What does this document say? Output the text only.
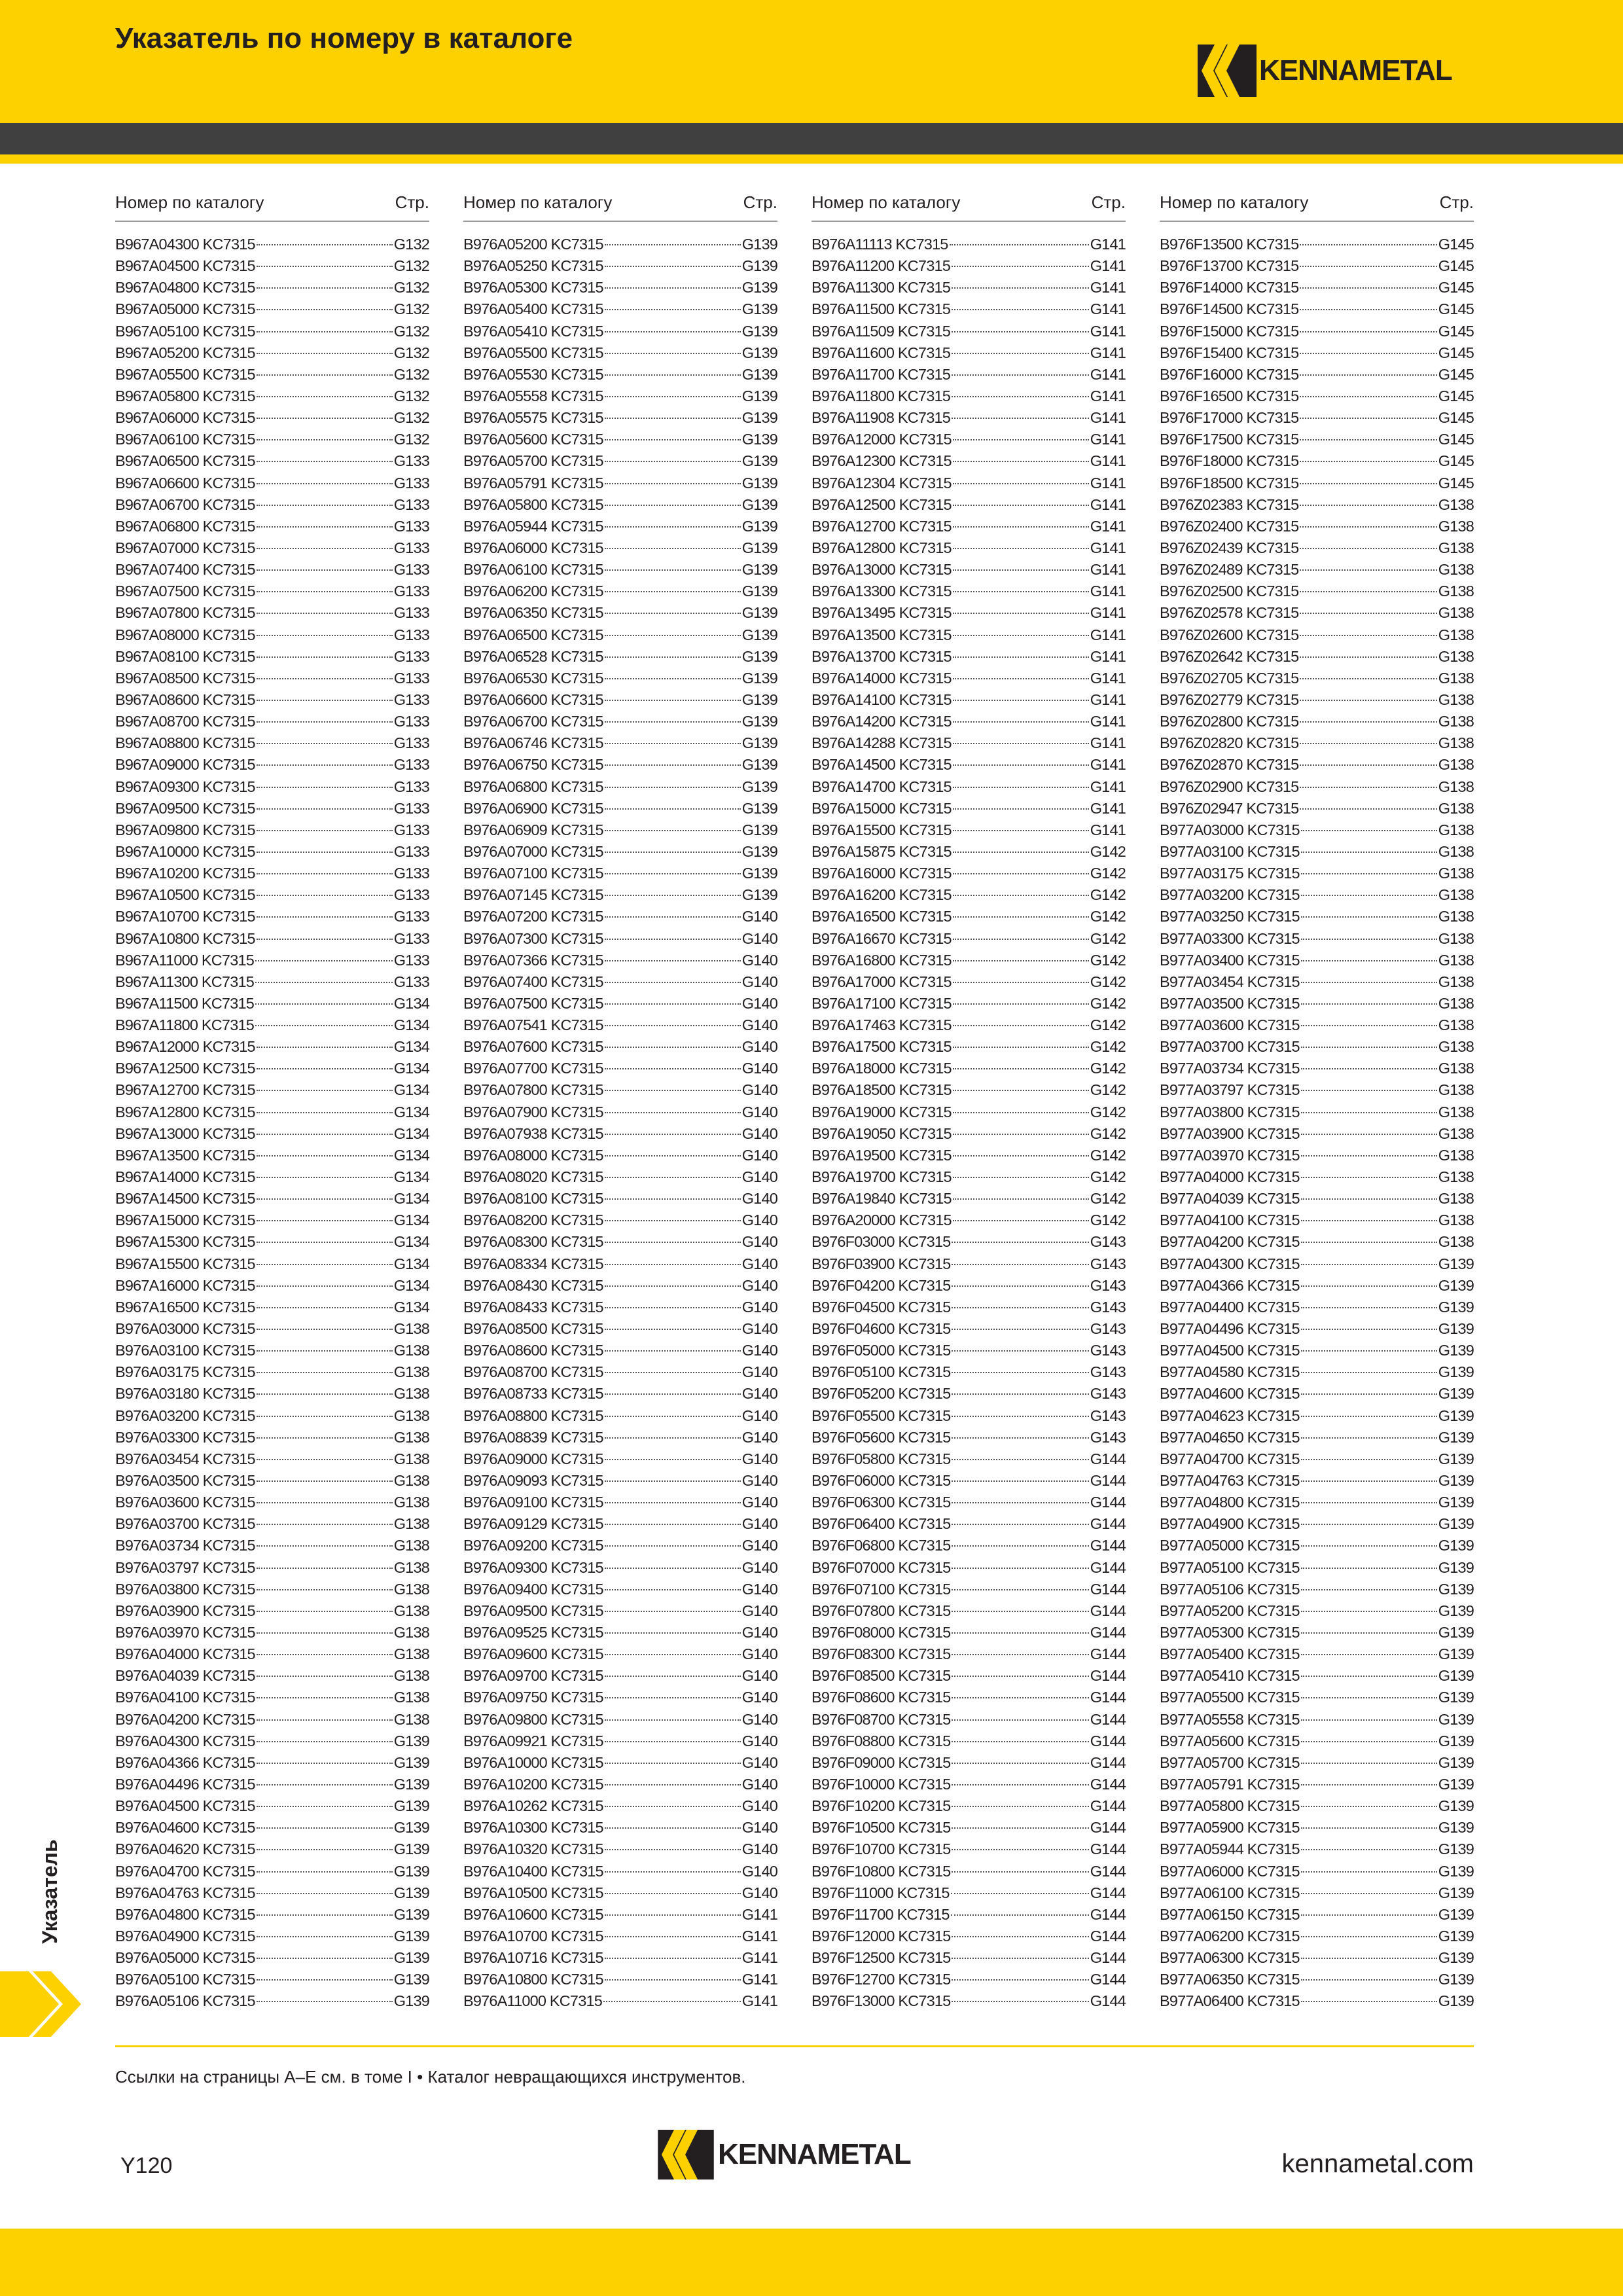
Указатель по номеру в каталоге
KENNAMETAL
Номер по каталогу	Стр.
B967A04300 KC7315	G132
B967A04500 KC7315	G132
B967A04800 KC7315	G132
B967A05000 KC7315	G132
B967A05100 KC7315	G132
B967A05200 KC7315	G132
B967A05500 KC7315	G132
B967A05800 KC7315	G132
B967A06000 KC7315	G132
B967A06100 KC7315	G132
B967A06500 KC7315	G133
B967A06600 KC7315	G133
B967A06700 KC7315	G133
B967A06800 KC7315	G133
B967A07000 KC7315	G133
B967A07400 KC7315	G133
B967A07500 KC7315	G133
B967A07800 KC7315	G133
B967A08000 KC7315	G133
B967A08100 KC7315	G133
B967A08500 KC7315	G133
B967A08600 KC7315	G133
B967A08700 KC7315	G133
B967A08800 KC7315	G133
B967A09000 KC7315	G133
B967A09300 KC7315	G133
B967A09500 KC7315	G133
B967A09800 KC7315	G133
B967A10000 KC7315	G133
B967A10200 KC7315	G133
B967A10500 KC7315	G133
B967A10700 KC7315	G133
B967A10800 KC7315	G133
B967A11000 KC7315	G133
B967A11300 KC7315	G133
B967A11500 KC7315	G134
B967A11800 KC7315	G134
B967A12000 KC7315	G134
B967A12500 KC7315	G134
B967A12700 KC7315	G134
B967A12800 KC7315	G134
B967A13000 KC7315	G134
B967A13500 KC7315	G134
B967A14000 KC7315	G134
B967A14500 KC7315	G134
B967A15000 KC7315	G134
B967A15300 KC7315	G134
B967A15500 KC7315	G134
B967A16000 KC7315	G134
B967A16500 KC7315	G134
B976A03000 KC7315	G138
B976A03100 KC7315	G138
B976A03175 KC7315	G138
B976A03180 KC7315	G138
B976A03200 KC7315	G138
B976A03300 KC7315	G138
B976A03454 KC7315	G138
B976A03500 KC7315	G138
B976A03600 KC7315	G138
B976A03700 KC7315	G138
B976A03734 KC7315	G138
B976A03797 KC7315	G138
B976A03800 KC7315	G138
B976A03900 KC7315	G138
B976A03970 KC7315	G138
B976A04000 KC7315	G138
B976A04039 KC7315	G138
B976A04100 KC7315	G138
B976A04200 KC7315	G138
B976A04300 KC7315	G139
B976A04366 KC7315	G139
B976A04496 KC7315	G139
B976A04500 KC7315	G139
B976A04600 KC7315	G139
B976A04620 KC7315	G139
B976A04700 KC7315	G139
B976A04763 KC7315	G139
B976A04800 KC7315	G139
B976A04900 KC7315	G139
B976A05000 KC7315	G139
B976A05100 KC7315	G139
B976A05106 KC7315	G139
Номер по каталогу	Стр.
B976A05200 KC7315	G139
B976A05250 KC7315	G139
B976A05300 KC7315	G139
B976A05400 KC7315	G139
B976A05410 KC7315	G139
B976A05500 KC7315	G139
B976A05530 KC7315	G139
B976A05558 KC7315	G139
B976A05575 KC7315	G139
B976A05600 KC7315	G139
B976A05700 KC7315	G139
B976A05791 KC7315	G139
B976A05800 KC7315	G139
B976A05944 KC7315	G139
B976A06000 KC7315	G139
B976A06100 KC7315	G139
B976A06200 KC7315	G139
B976A06350 KC7315	G139
B976A06500 KC7315	G139
B976A06528 KC7315	G139
B976A06530 KC7315	G139
B976A06600 KC7315	G139
B976A06700 KC7315	G139
B976A06746 KC7315	G139
B976A06750 KC7315	G139
B976A06800 KC7315	G139
B976A06900 KC7315	G139
B976A06909 KC7315	G139
B976A07000 KC7315	G139
B976A07100 KC7315	G139
B976A07145 KC7315	G139
B976A07200 KC7315	G140
B976A07300 KC7315	G140
B976A07366 KC7315	G140
B976A07400 KC7315	G140
B976A07500 KC7315	G140
B976A07541 KC7315	G140
B976A07600 KC7315	G140
B976A07700 KC7315	G140
B976A07800 KC7315	G140
B976A07900 KC7315	G140
B976A07938 KC7315	G140
B976A08000 KC7315	G140
B976A08020 KC7315	G140
B976A08100 KC7315	G140
B976A08200 KC7315	G140
B976A08300 KC7315	G140
B976A08334 KC7315	G140
B976A08430 KC7315	G140
B976A08433 KC7315	G140
B976A08500 KC7315	G140
B976A08600 KC7315	G140
B976A08700 KC7315	G140
B976A08733 KC7315	G140
B976A08800 KC7315	G140
B976A08839 KC7315	G140
B976A09000 KC7315	G140
B976A09093 KC7315	G140
B976A09100 KC7315	G140
B976A09129 KC7315	G140
B976A09200 KC7315	G140
B976A09300 KC7315	G140
B976A09400 KC7315	G140
B976A09500 KC7315	G140
B976A09525 KC7315	G140
B976A09600 KC7315	G140
B976A09700 KC7315	G140
B976A09750 KC7315	G140
B976A09800 KC7315	G140
B976A09921 KC7315	G140
B976A10000 KC7315	G140
B976A10200 KC7315	G140
B976A10262 KC7315	G140
B976A10300 KC7315	G140
B976A10320 KC7315	G140
B976A10400 KC7315	G140
B976A10500 KC7315	G140
B976A10600 KC7315	G141
B976A10700 KC7315	G141
B976A10716 KC7315	G141
B976A10800 KC7315	G141
B976A11000 KC7315	G141
Номер по каталогу	Стр.
B976A11113 KC7315	G141
B976A11200 KC7315	G141
B976A11300 KC7315	G141
B976A11500 KC7315	G141
B976A11509 KC7315	G141
B976A11600 KC7315	G141
B976A11700 KC7315	G141
B976A11800 KC7315	G141
B976A11908 KC7315	G141
B976A12000 KC7315	G141
B976A12300 KC7315	G141
B976A12304 KC7315	G141
B976A12500 KC7315	G141
B976A12700 KC7315	G141
B976A12800 KC7315	G141
B976A13000 KC7315	G141
B976A13300 KC7315	G141
B976A13495 KC7315	G141
B976A13500 KC7315	G141
B976A13700 KC7315	G141
B976A14000 KC7315	G141
B976A14100 KC7315	G141
B976A14200 KC7315	G141
B976A14288 KC7315	G141
B976A14500 KC7315	G141
B976A14700 KC7315	G141
B976A15000 KC7315	G141
B976A15500 KC7315	G141
B976A15875 KC7315	G142
B976A16000 KC7315	G142
B976A16200 KC7315	G142
B976A16500 KC7315	G142
B976A16670 KC7315	G142
B976A16800 KC7315	G142
B976A17000 KC7315	G142
B976A17100 KC7315	G142
B976A17463 KC7315	G142
B976A17500 KC7315	G142
B976A18000 KC7315	G142
B976A18500 KC7315	G142
B976A19000 KC7315	G142
B976A19050 KC7315	G142
B976A19500 KC7315	G142
B976A19700 KC7315	G142
B976A19840 KC7315	G142
B976A20000 KC7315	G142
B976F03000 KC7315	G143
B976F03900 KC7315	G143
B976F04200 KC7315	G143
B976F04500 KC7315	G143
B976F04600 KC7315	G143
B976F05000 KC7315	G143
B976F05100 KC7315	G143
B976F05200 KC7315	G143
B976F05500 KC7315	G143
B976F05600 KC7315	G143
B976F05800 KC7315	G144
B976F06000 KC7315	G144
B976F06300 KC7315	G144
B976F06400 KC7315	G144
B976F06800 KC7315	G144
B976F07000 KC7315	G144
B976F07100 KC7315	G144
B976F07800 KC7315	G144
B976F08000 KC7315	G144
B976F08300 KC7315	G144
B976F08500 KC7315	G144
B976F08600 KC7315	G144
B976F08700 KC7315	G144
B976F08800 KC7315	G144
B976F09000 KC7315	G144
B976F10000 KC7315	G144
B976F10200 KC7315	G144
B976F10500 KC7315	G144
B976F10700 KC7315	G144
B976F10800 KC7315	G144
B976F11000 KC7315	G144
B976F11700 KC7315	G144
B976F12000 KC7315	G144
B976F12500 KC7315	G144
B976F12700 KC7315	G144
B976F13000 KC7315	G144
Номер по каталогу	Стр.
B976F13500 KC7315	G145
B976F13700 KC7315	G145
B976F14000 KC7315	G145
B976F14500 KC7315	G145
B976F15000 KC7315	G145
B976F15400 KC7315	G145
B976F16000 KC7315	G145
B976F16500 KC7315	G145
B976F17000 KC7315	G145
B976F17500 KC7315	G145
B976F18000 KC7315	G145
B976F18500 KC7315	G145
B976Z02383 KC7315	G138
B976Z02400 KC7315	G138
B976Z02439 KC7315	G138
B976Z02489 KC7315	G138
B976Z02500 KC7315	G138
B976Z02578 KC7315	G138
B976Z02600 KC7315	G138
B976Z02642 KC7315	G138
B976Z02705 KC7315	G138
B976Z02779 KC7315	G138
B976Z02800 KC7315	G138
B976Z02820 KC7315	G138
B976Z02870 KC7315	G138
B976Z02900 KC7315	G138
B976Z02947 KC7315	G138
B977A03000 KC7315	G138
B977A03100 KC7315	G138
B977A03175 KC7315	G138
B977A03200 KC7315	G138
B977A03250 KC7315	G138
B977A03300 KC7315	G138
B977A03400 KC7315	G138
B977A03454 KC7315	G138
B977A03500 KC7315	G138
B977A03600 KC7315	G138
B977A03700 KC7315	G138
B977A03734 KC7315	G138
B977A03797 KC7315	G138
B977A03800 KC7315	G138
B977A03900 KC7315	G138
B977A03970 KC7315	G138
B977A04000 KC7315	G138
B977A04039 KC7315	G138
B977A04100 KC7315	G138
B977A04200 KC7315	G138
B977A04300 KC7315	G139
B977A04366 KC7315	G139
B977A04400 KC7315	G139
B977A04496 KC7315	G139
B977A04500 KC7315	G139
B977A04580 KC7315	G139
B977A04600 KC7315	G139
B977A04623 KC7315	G139
B977A04650 KC7315	G139
B977A04700 KC7315	G139
B977A04763 KC7315	G139
B977A04800 KC7315	G139
B977A04900 KC7315	G139
B977A05000 KC7315	G139
B977A05100 KC7315	G139
B977A05106 KC7315	G139
B977A05200 KC7315	G139
B977A05300 KC7315	G139
B977A05400 KC7315	G139
B977A05410 KC7315	G139
B977A05500 KC7315	G139
B977A05558 KC7315	G139
B977A05600 KC7315	G139
B977A05700 KC7315	G139
B977A05791 KC7315	G139
B977A05800 KC7315	G139
B977A05900 KC7315	G139
B977A05944 KC7315	G139
B977A06000 KC7315	G139
B977A06100 KC7315	G139
B977A06150 KC7315	G139
B977A06200 KC7315	G139
B977A06300 KC7315	G139
B977A06350 KC7315	G139
B977A06400 KC7315	G139
Ссылки на страницы A–E см. в томе I • Каталог невращающихся инструментов.
Y120	KENNAMETAL	kennametal.com
Указатель
